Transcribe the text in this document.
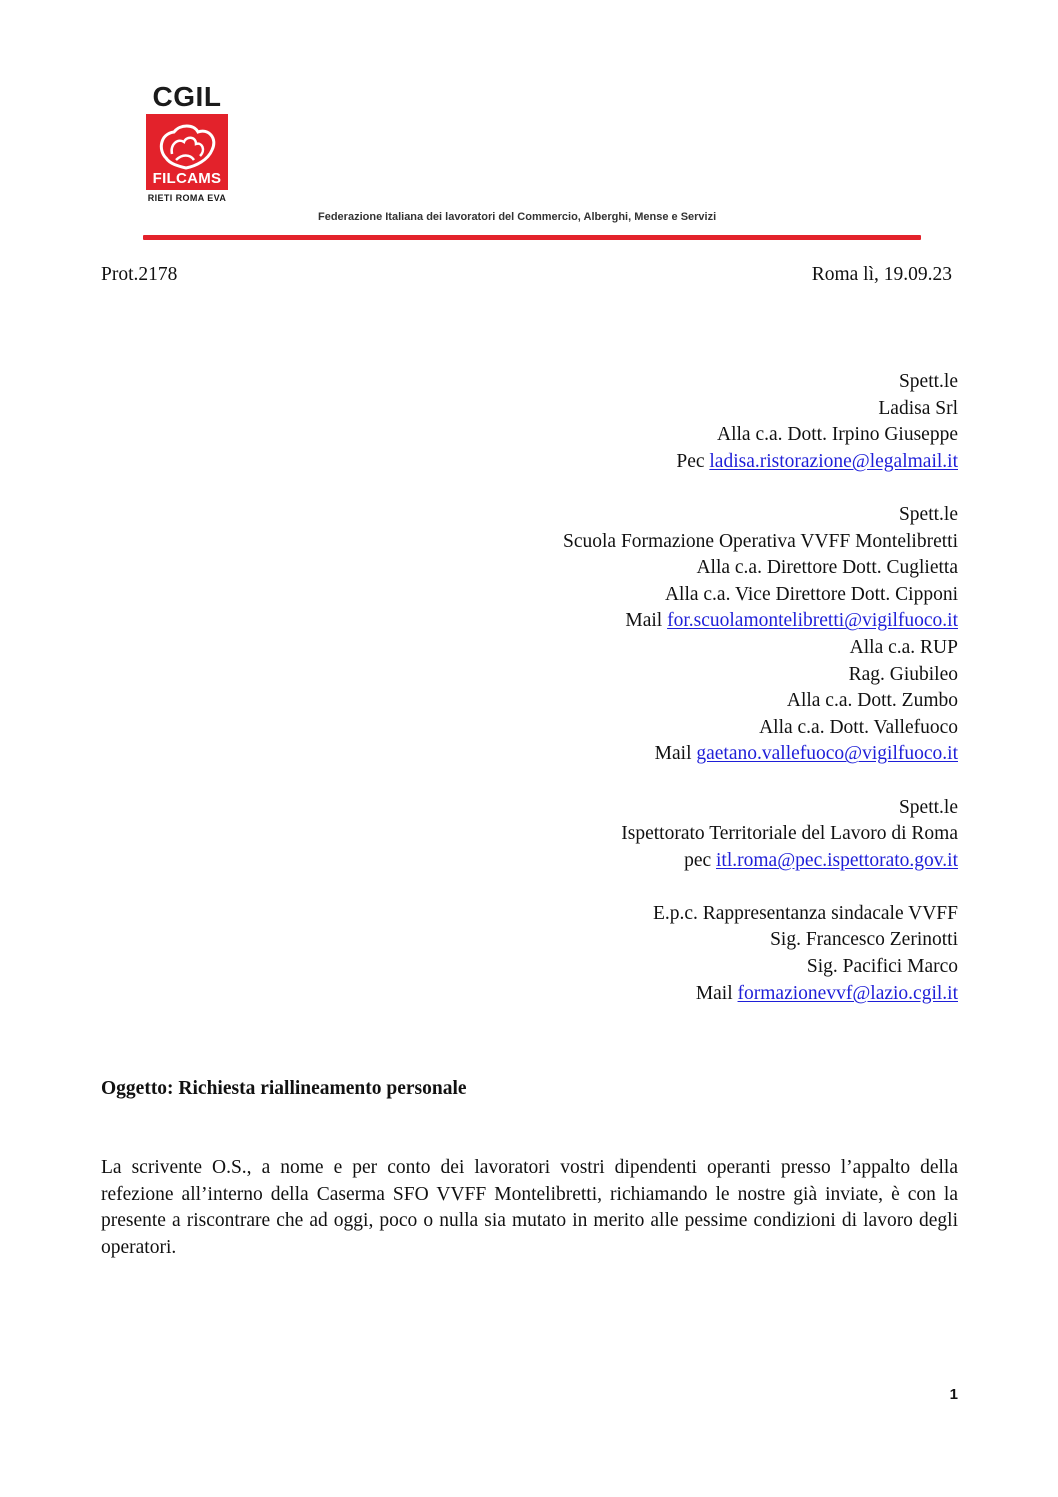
CGIL
FILCAMS
RIETI ROMA EVA
Federazione Italiana dei lavoratori del Commercio, Alberghi, Mense e Servizi
Prot.2178	Roma lì, 19.09.23
Spett.le
Ladisa Srl
Alla c.a. Dott. Irpino Giuseppe
Pec ladisa.ristorazione@legalmail.it
Spett.le
Scuola Formazione Operativa VVFF Montelibretti
Alla c.a. Direttore Dott. Cuglietta
Alla c.a. Vice Direttore Dott. Cipponi
Mail for.scuolamontelibretti@vigilfuoco.it
Alla c.a. RUP
Rag. Giubileo
Alla c.a. Dott. Zumbo
Alla c.a. Dott. Vallefuoco
Mail gaetano.vallefuoco@vigilfuoco.it
Spett.le
Ispettorato Territoriale del Lavoro di Roma
pec itl.roma@pec.ispettorato.gov.it
E.p.c. Rappresentanza sindacale VVFF
Sig. Francesco Zerinotti
Sig. Pacifici Marco
Mail formazionevvf@lazio.cgil.it
Oggetto: Richiesta riallineamento personale
La scrivente O.S., a nome e per conto dei lavoratori vostri dipendenti operanti presso l’appalto della refezione all’interno della Caserma SFO VVFF Montelibretti, richiamando le nostre già inviate, è con la presente a riscontrare che ad oggi, poco o nulla sia mutato in merito alle pessime condizioni di lavoro degli operatori.
1
